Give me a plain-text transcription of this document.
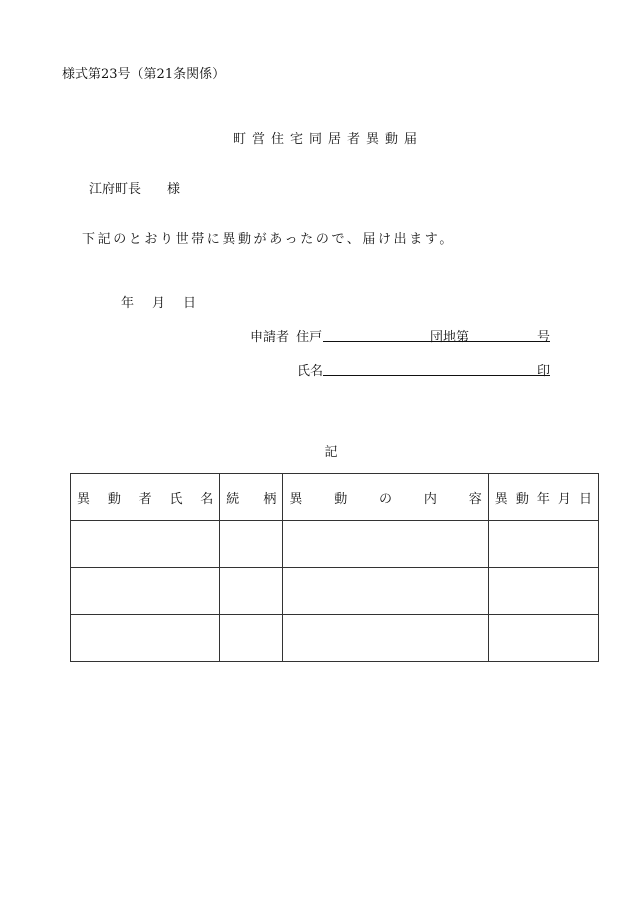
様式第23号（第21条関係）
町営住宅同居者異動届
江府町長 様
下記のとおり世帯に異動があったので、届け出ます。
年 月 日
申請者 住戸	団地第	号
氏名	印
記
異 動 者 氏 名	続 柄	異 動 の 内 容	異 動 年 月 日
